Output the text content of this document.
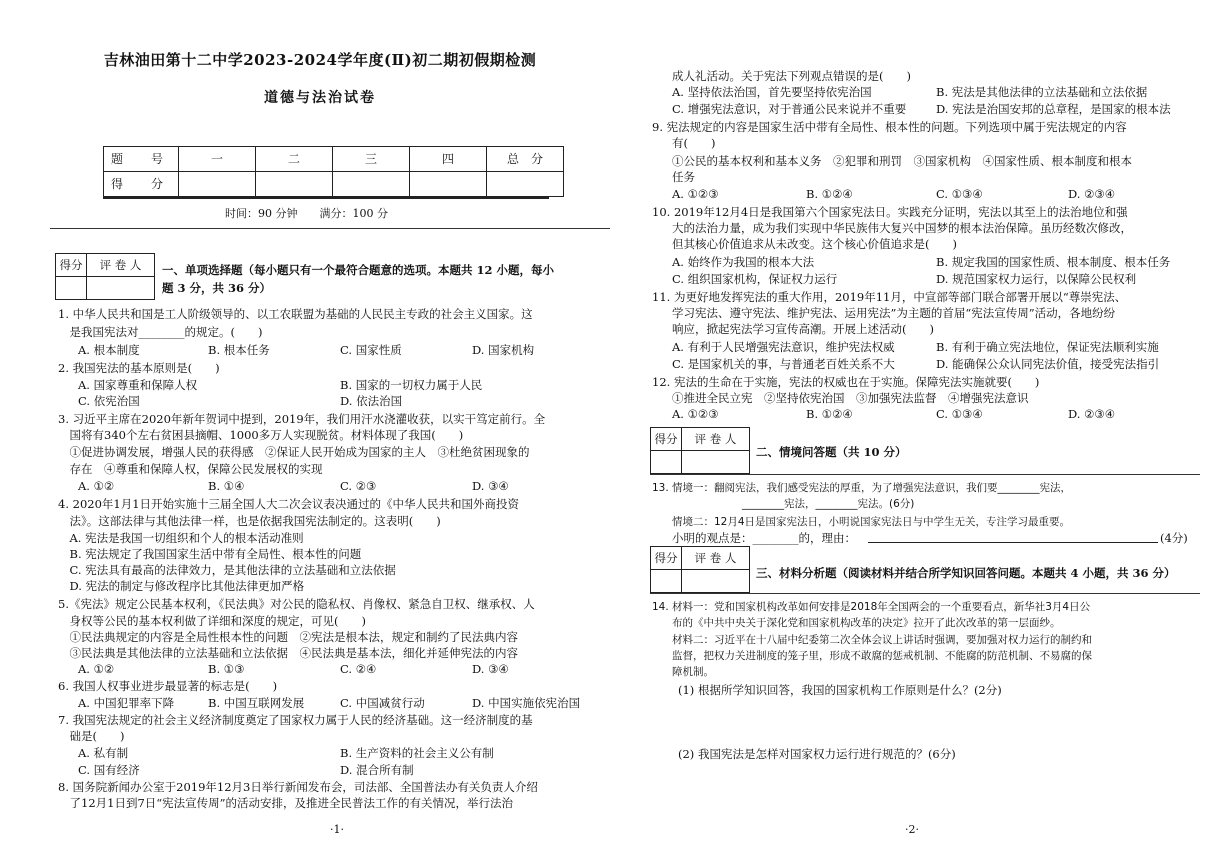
吉林油田第十二中学2023-2024学年度(Ⅱ)初二期初假期检测
道德与法治试卷
题　号	一	二	三	四	总　分
得　分					
时间：90 分钟　　满分：100 分
得分	评 卷 人	一、单项选择题（每小题只有一个最符合题意的选项。本题共 12 小题，每小
题 3 分，共 36 分）
1. 中华人民共和国是工人阶级领导的、以工农联盟为基础的人民民主专政的社会主义国家。这
　是我国宪法对________的规定。(　　)
A. 根本制度	B. 根本任务	C. 国家性质	D. 国家机构
2. 我国宪法的基本原则是(　　)
A. 国家尊重和保障人权	B. 国家的一切权力属于人民
C. 依宪治国	D. 依法治国
3. 习近平主席在2020年新年贺词中提到，2019年，我们用汗水浇灌收获，以实干笃定前行。全
　国将有340个左右贫困县摘帽、1000多万人实现脱贫。材料体现了我国(　　)
　①促进协调发展，增强人民的获得感　②保证人民开始成为国家的主人　③杜绝贫困现象的
　存在　④尊重和保障人权，保障公民发展权的实现
A. ①②	B. ①④	C. ②③	D. ③④
4. 2020年1月1日开始实施十三届全国人大二次会议表决通过的《中华人民共和国外商投资
　法》。这部法律与其他法律一样，也是依据我国宪法制定的。这表明(　　)
　A. 宪法是我国一切组织和个人的根本活动准则
　B. 宪法规定了我国国家生活中带有全局性、根本性的问题
　C. 宪法具有最高的法律效力，是其他法律的立法基础和立法依据
　D. 宪法的制定与修改程序比其他法律更加严格
5.《宪法》规定公民基本权利，《民法典》对公民的隐私权、肖像权、紧急自卫权、继承权、人
　身权等公民的基本权利做了详细和深度的规定，可见(　　)
　①民法典规定的内容是全局性根本性的问题　②宪法是根本法，规定和制约了民法典内容
　③民法典是其他法律的立法基础和立法依据　④民法典是基本法，细化并延伸宪法的内容
A. ①②	B. ①③	C. ②④	D. ③④
6. 我国人权事业进步最显著的标志是(　　)
A. 中国犯罪率下降	B. 中国互联网发展	C. 中国减贫行动	D. 中国实施依宪治国
7. 我国宪法规定的社会主义经济制度奠定了国家权力属于人民的经济基础。这一经济制度的基
　础是(　　)
A. 私有制	B. 生产资料的社会主义公有制
C. 国有经济	D. 混合所有制
8. 国务院新闻办公室于2019年12月3日举行新闻发布会，司法部、全国普法办有关负责人介绍
　了12月1日到7日“宪法宣传周”的活动安排，及推进全民普法工作的有关情况，举行法治
·1·
成人礼活动。关于宪法下列观点错误的是(　　)
A. 坚持依法治国，首先要坚持依宪治国	B. 宪法是其他法律的立法基础和立法依据
C. 增强宪法意识，对于普通公民来说并不重要	D. 宪法是治国安邦的总章程，是国家的根本法
9. 宪法规定的内容是国家生活中带有全局性、根本性的问题。下列选项中属于宪法规定的内容
有(　　)
①公民的基本权利和基本义务　②犯罪和刑罚　③国家机构　④国家性质、根本制度和根本
任务
A. ①②③	B. ①②④	C. ①③④	D. ②③④
10. 2019年12月4日是我国第六个国家宪法日。实践充分证明，宪法以其至上的法治地位和强
大的法治力量，成为我们实现中华民族伟大复兴中国梦的根本法治保障。虽历经数次修改，
但其核心价值追求从未改变。这个核心价值追求是(　　)
A. 始终作为我国的根本大法	B. 规定我国的国家性质、根本制度、根本任务
C. 组织国家机构，保证权力运行	D. 规范国家权力运行，以保障公民权利
11. 为更好地发挥宪法的重大作用，2019年11月，中宣部等部门联合部署开展以“尊崇宪法、
学习宪法、遵守宪法、维护宪法、运用宪法”为主题的首届“宪法宣传周”活动，各地纷纷
响应，掀起宪法学习宣传高潮。开展上述活动(　　)
A. 有利于人民增强宪法意识，维护宪法权威	B. 有利于确立宪法地位，保证宪法顺利实施
C. 是国家机关的事，与普通老百姓关系不大	D. 能确保公众认同宪法价值，接受宪法指引
12. 宪法的生命在于实施，宪法的权威也在于实施。保障宪法实施就要(　　)
①推进全民立宪　②坚持依宪治国　③加强宪法监督　④增强宪法意识
A. ①②③	B. ①②④	C. ①③④	D. ②③④
得分	评 卷 人
二、情境问答题（共 10 分）
13. 情境一：翻阅宪法，我们感受宪法的厚重，为了增强宪法意识，我们要________宪法，
________宪法，________宪法。(6分)
情境二：12月4日是国家宪法日，小明说国家宪法日与中学生无关，专注学习最重要。
小明的观点是：________的，理由：	(4分)
得分	评 卷 人
三、材料分析题（阅读材料并结合所学知识回答问题。本题共 4 小题，共 36 分）
14. 材料一：党和国家机构改革如何安排是2018年全国两会的一个重要看点，新华社3月4日公
布的《中共中央关于深化党和国家机构改革的决定》拉开了此次改革的第一层面纱。
材料二：习近平在十八届中纪委第二次全体会议上讲话时强调，要加强对权力运行的制约和
监督，把权力关进制度的笼子里，形成不敢腐的惩戒机制、不能腐的防范机制、不易腐的保
障机制。
(1) 根据所学知识回答，我国的国家机构工作原则是什么？(2分)
(2) 我国宪法是怎样对国家权力运行进行规范的？(6分)
·2·
